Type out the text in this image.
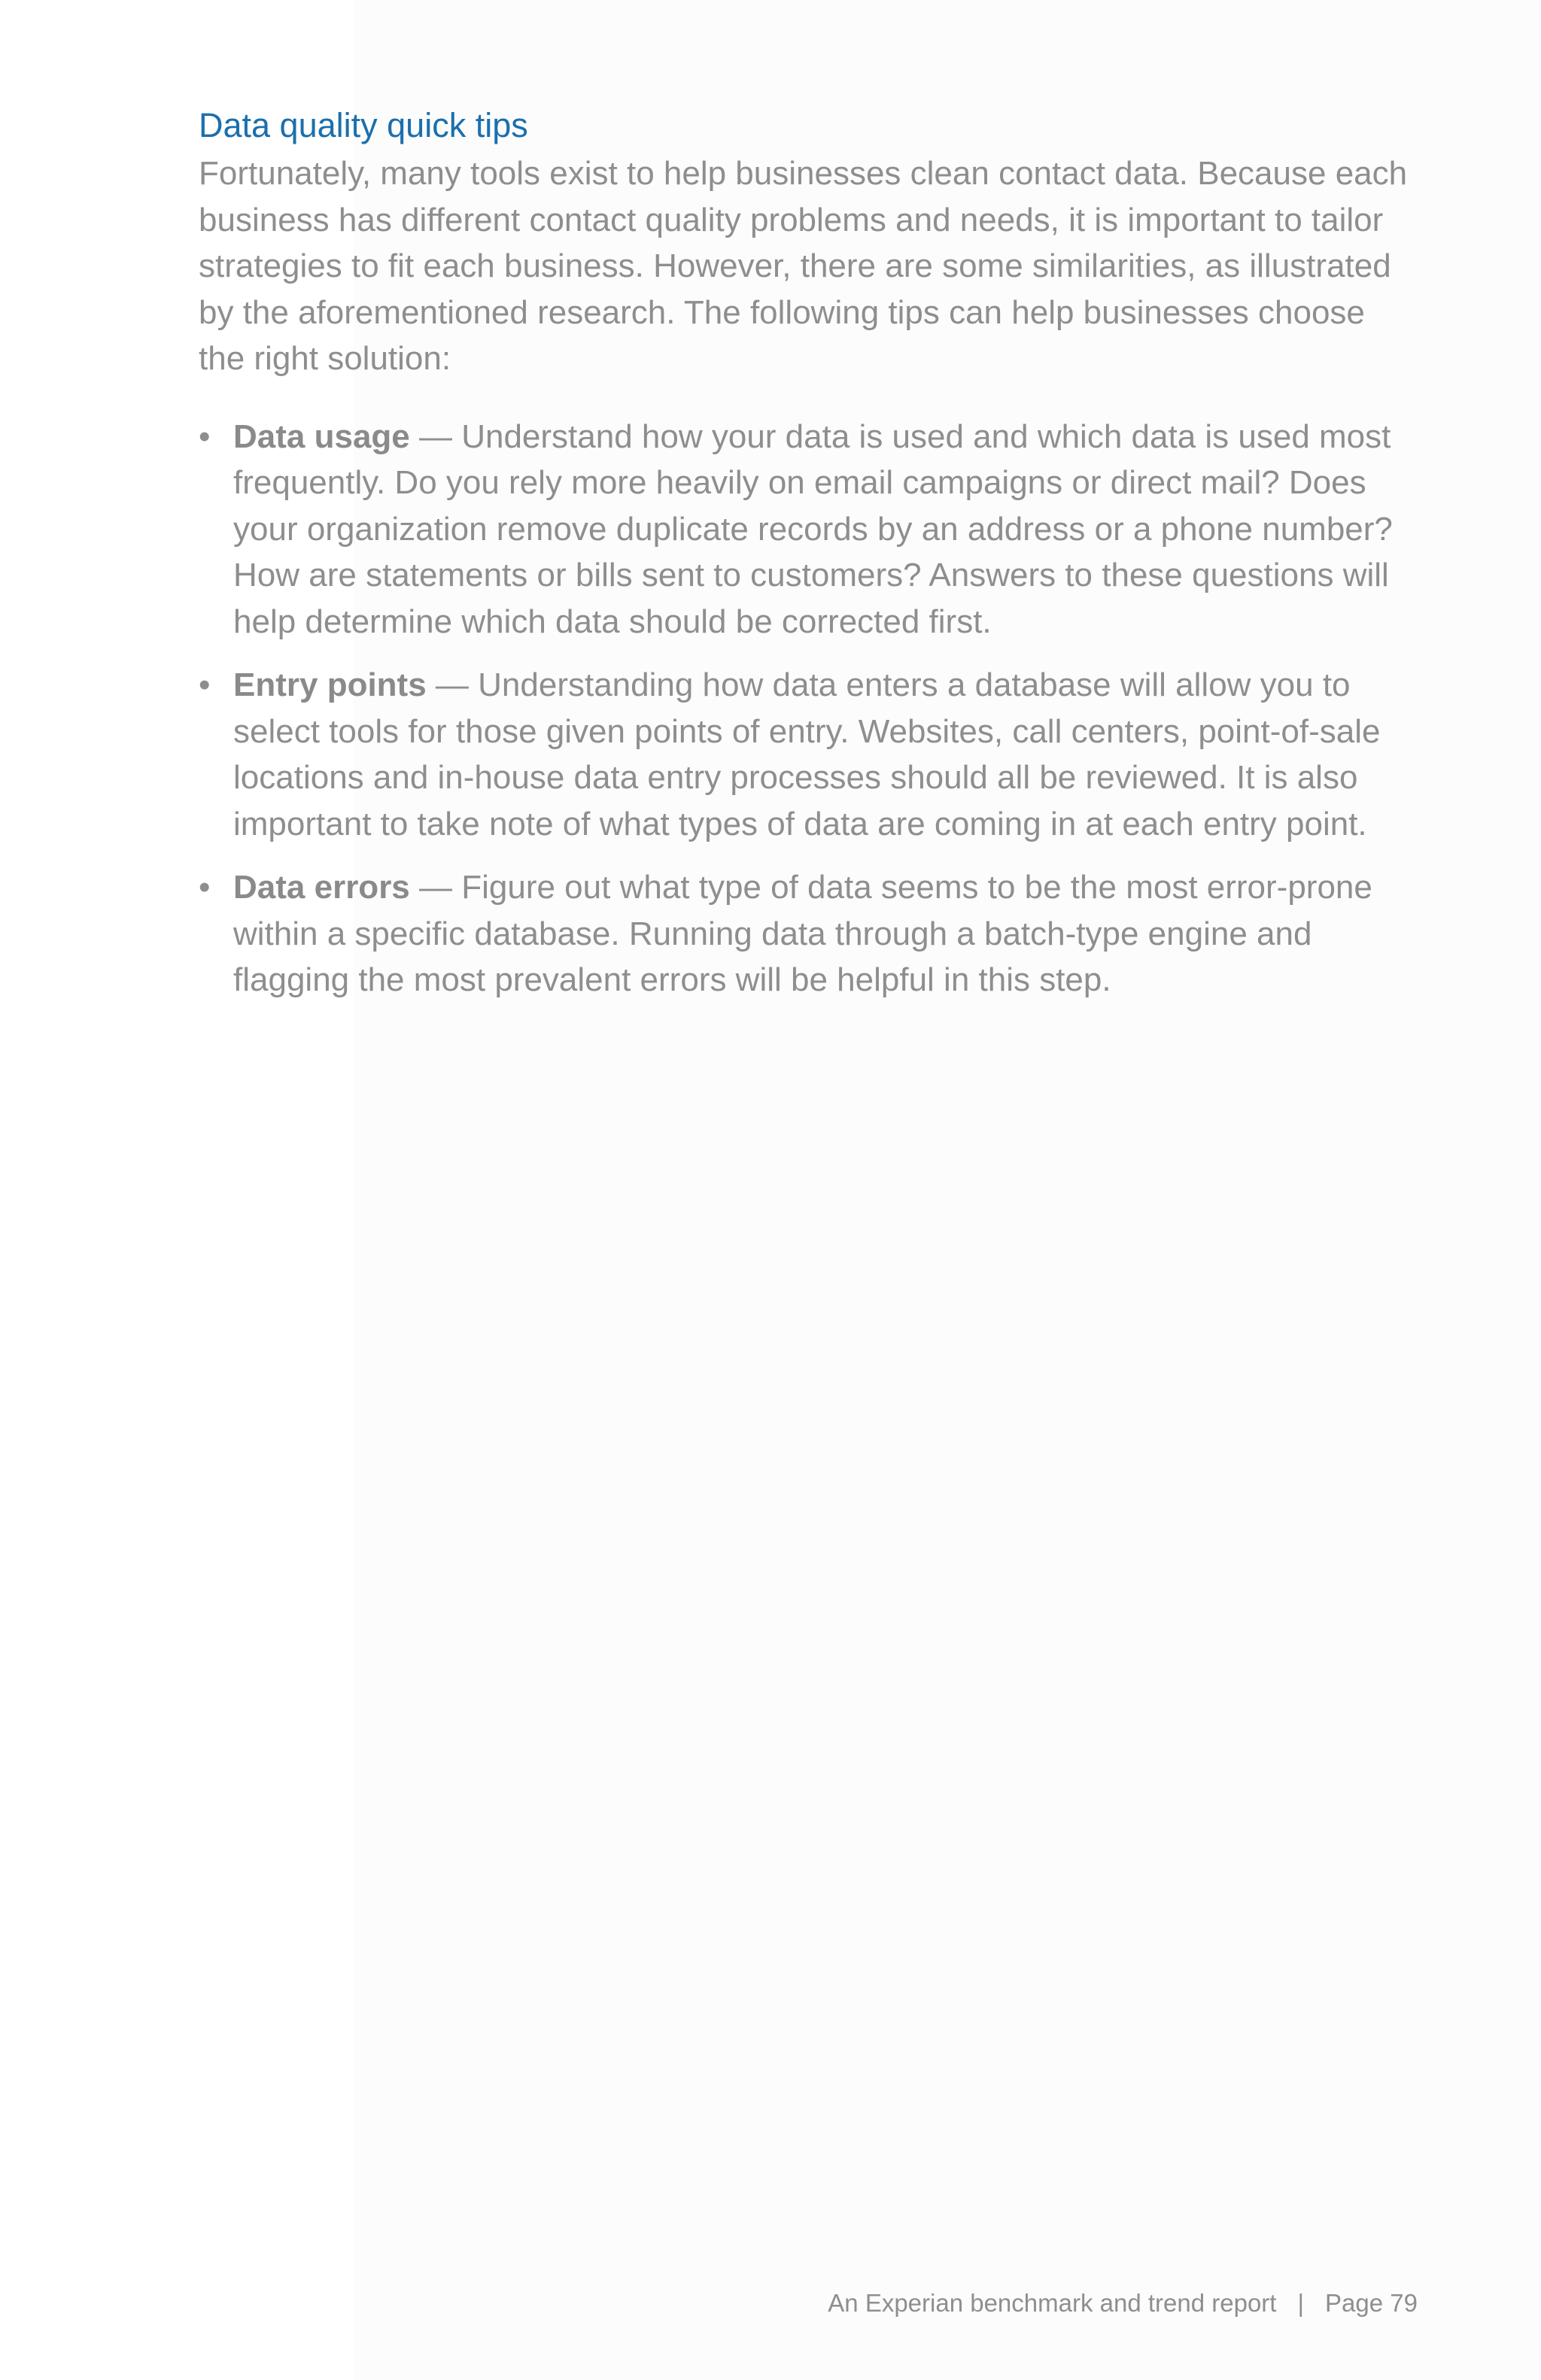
Data quality quick tips

Fortunately, many tools exist to help businesses clean contact data. Because each business has different contact quality problems and needs, it is important to tailor strategies to fit each business. However, there are some similarities, as illustrated by the aforementioned research. The following tips can help businesses choose the right solution:

• Data usage — Understand how your data is used and which data is used most frequently. Do you rely more heavily on email campaigns or direct mail? Does your organization remove duplicate records by an address or a phone number? How are statements or bills sent to customers? Answers to these questions will help determine which data should be corrected first.
• Entry points — Understanding how data enters a database will allow you to select tools for those given points of entry. Websites, call centers, point-of-sale locations and in-house data entry processes should all be reviewed. It is also important to take note of what types of data are coming in at each entry point.
• Data errors — Figure out what type of data seems to be the most error-prone within a specific database. Running data through a batch-type engine and flagging the most prevalent errors will be helpful in this step.
An Experian benchmark and trend report | Page 79
